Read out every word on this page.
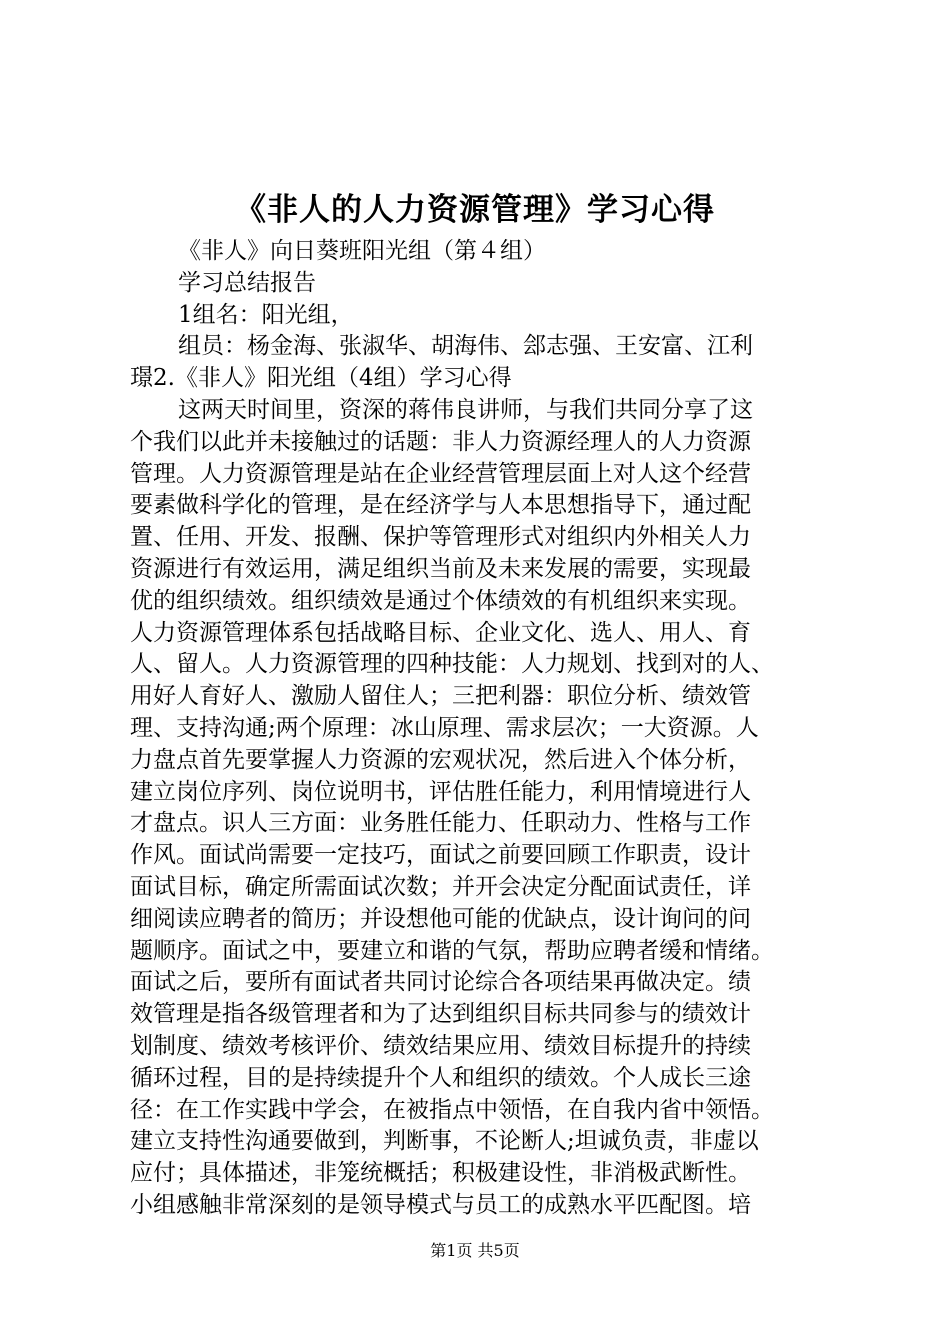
《非人的人力资源管理》学习心得
《非人》向日葵班阳光组（第４组）
学习总结报告
1组名：阳光组，
组员：杨金海、张淑华、胡海伟、郐志强、王安富、江利
璟2.《非人》阳光组（4组）学习心得
这两天时间里，资深的蒋伟良讲师，与我们共同分享了这
个我们以此并未接触过的话题：非人力资源经理人的人力资源
管理。人力资源管理是站在企业经营管理层面上对人这个经营
要素做科学化的管理，是在经济学与人本思想指导下，通过配
置、任用、开发、报酬、保护等管理形式对组织内外相关人力
资源进行有效运用，满足组织当前及未来发展的需要，实现最
优的组织绩效。组织绩效是通过个体绩效的有机组织来实现。
人力资源管理体系包括战略目标、企业文化、选人、用人、育
人、留人。人力资源管理的四种技能：人力规划、找到对的人、
用好人育好人、激励人留住人；三把利器：职位分析、绩效管
理、支持沟通;两个原理：冰山原理、需求层次；一大资源。人
力盘点首先要掌握人力资源的宏观状况，然后进入个体分析，
建立岗位序列、岗位说明书，评估胜任能力，利用情境进行人
才盘点。识人三方面：业务胜任能力、任职动力、性格与工作
作风。面试尚需要一定技巧，面试之前要回顾工作职责，设计
面试目标，确定所需面试次数；并开会决定分配面试责任，详
细阅读应聘者的简历；并设想他可能的优缺点，设计询问的问
题顺序。面试之中，要建立和谐的气氛，帮助应聘者缓和情绪。
面试之后，要所有面试者共同讨论综合各项结果再做决定。绩
效管理是指各级管理者和为了达到组织目标共同参与的绩效计
划制度、绩效考核评价、绩效结果应用、绩效目标提升的持续
循环过程，目的是持续提升个人和组织的绩效。个人成长三途
径：在工作实践中学会，在被指点中领悟，在自我内省中领悟。
建立支持性沟通要做到，判断事，不论断人;坦诚负责，非虚以
应付；具体描述，非笼统概括；积极建设性，非消极武断性。
小组感触非常深刻的是领导模式与员工的成熟水平匹配图。培
第1页 共5页
